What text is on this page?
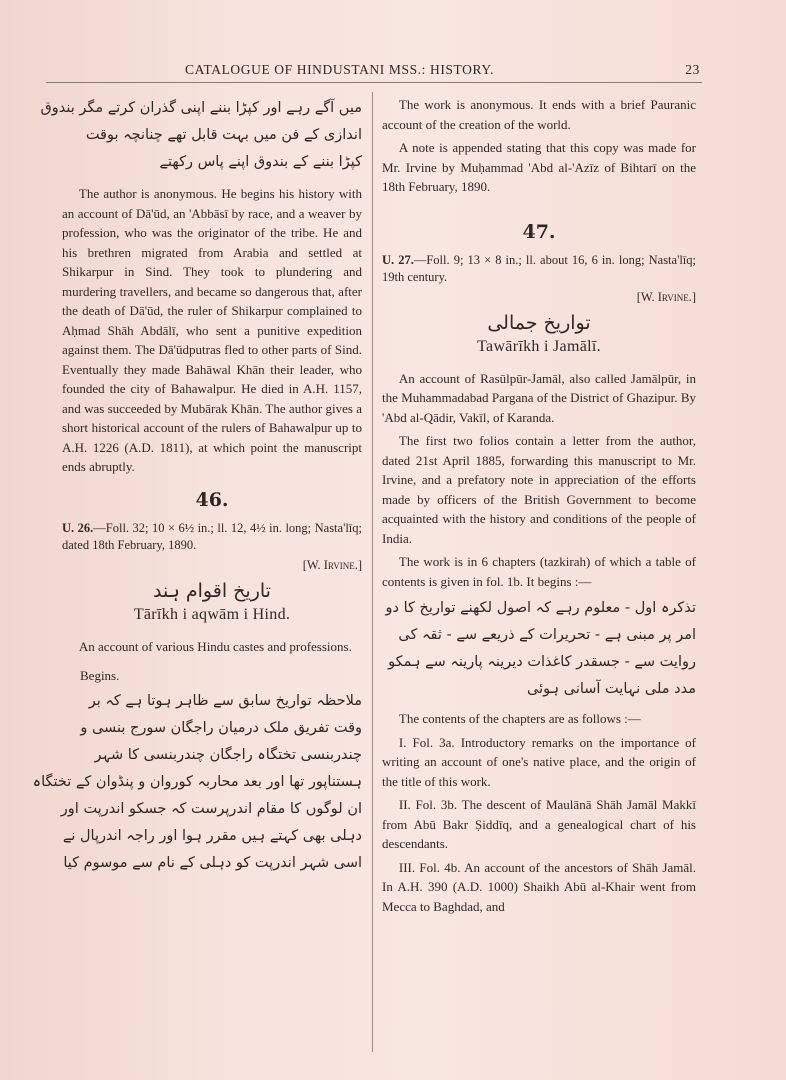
CATALOGUE OF HINDUSTANI MSS.: HISTORY.	23
میں آگے رہے اور کپڑا بننے اپنی گذران کرتے مگر بندوق
اندازی کے فن میں بہت قابل تھے چنانچہ بوقت
کپڑا بننے کے بندوق اپنے پاس رکھتے

The author is anonymous. He begins his history with an account of Dā'ūd, an 'Abbāsī by race, and a weaver by profession, who was the originator of the tribe. He and his brethren migrated from Arabia and settled at Shikarpur in Sind. They took to plundering and murdering travellers, and became so dangerous that, after the death of Dā'ūd, the ruler of Shikarpur complained to Aḥmad Shāh Abdālī, who sent a punitive expedition against them. The Dā'ūdputras fled to other parts of Sind. Eventually they made Bahāwal Khān their leader, who founded the city of Bahawalpur. He died in A.H. 1157, and was succeeded by Mubārak Khān. The author gives a short historical account of the rulers of Bahawalpur up to A.H. 1226 (A.D. 1811), at which point the manuscript ends abruptly.

46.

U. 26.—Foll. 32; 10 × 6½ in.; ll. 12, 4½ in. long; Nasta'līq; dated 18th February, 1890.

[W. Irvine.]
تاریخ اقوام ہند
Tārīkh i aqwām i Hind.

An account of various Hindu castes and professions.

Begins.
ملاحظہ تواریخ سابق سے ظاہر ہوتا ہے کہ بر
وقت تفریق ملک درمیان راجگان سورج بنسی و
چندربنسی تختگاہ راجگان چندربنسی کا شہر
ہستناپور تھا اور بعد محاربہ کوروان و پنڈوان کے تختگاہ
ان لوگوں کا مقام اندرپرست کہ جسکو اندرپت اور
دہلی بھی کہتے ہیں مقرر ہوا اور راجہ اندرپال نے
اسی شہر اندرپت کو دہلی کے نام سے موسوم کیا

The work is anonymous. It ends with a brief Pauranic account of the creation of the world.

A note is appended stating that this copy was made for Mr. Irvine by Muḥammad 'Abd al-'Azīz of Bihtarī on the 18th February, 1890.

47.

U. 27.—Foll. 9; 13 × 8 in.; ll. about 16, 6 in. long; Nasta'līq; 19th century.

[W. Irvine.]
تواریخ جمالی
Tawārīkh i Jamālī.

An account of Rasūlpūr-Jamāl, also called Jamālpūr, in the Muhammadabad Pargana of the District of Ghazipur. By 'Abd al-Qādir, Vakīl, of Karanda.

The first two folios contain a letter from the author, dated 21st April 1885, forwarding this manuscript to Mr. Irvine, and a prefatory note in appreciation of the efforts made by officers of the British Government to become acquainted with the history and conditions of the people of India.

The work is in 6 chapters (tazkirah) of which a table of contents is given in fol. 1b. It begins :—

تذکرہ اول - معلوم رہے کہ اصول لکھنے تواریخ کا دو
امر پر مبنی ہے - تحریرات کے ذریعے سے - ثقہ کی
روایت سے - جسقدر کاغذات دیرینہ پارینہ سے ہمکو
مدد ملی نہایت آسانی ہوئی

The contents of the chapters are as follows :—

I. Fol. 3a. Introductory remarks on the importance of writing an account of one's native place, and the origin of the title of this work.

II. Fol. 3b. The descent of Maulānā Shāh Jamāl Makkī from Abū Bakr Ṣiddīq, and a genealogical chart of his descendants.

III. Fol. 4b. An account of the ancestors of Shāh Jamāl. In A.H. 390 (A.D. 1000) Shaikh Abū al-Khair went from Mecca to Baghdad, and
